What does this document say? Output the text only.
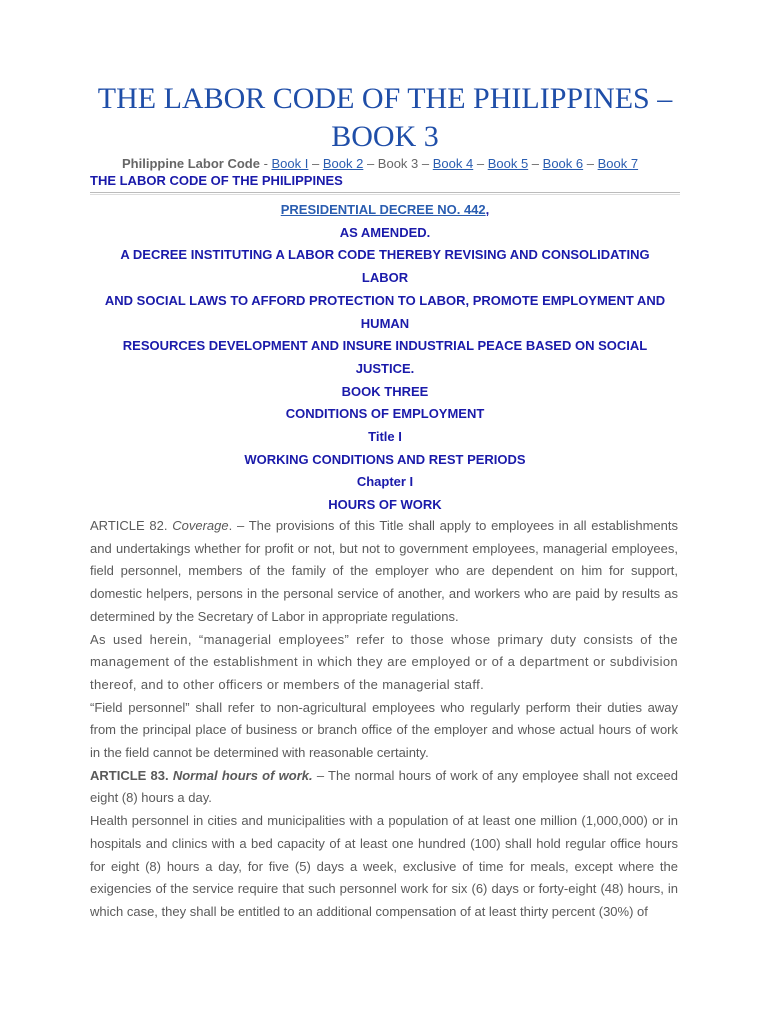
THE LABOR CODE OF THE PHILIPPINES – BOOK 3
Philippine Labor Code - Book I – Book 2 – Book 3 – Book 4 – Book 5 – Book 6 – Book 7
THE LABOR CODE OF THE PHILIPPINES
PRESIDENTIAL DECREE NO. 442,
AS AMENDED.
A DECREE INSTITUTING A LABOR CODE THEREBY REVISING AND CONSOLIDATING
LABOR
AND SOCIAL LAWS TO AFFORD PROTECTION TO LABOR, PROMOTE EMPLOYMENT AND
HUMAN
RESOURCES DEVELOPMENT AND INSURE INDUSTRIAL PEACE BASED ON SOCIAL
JUSTICE.
BOOK THREE
CONDITIONS OF EMPLOYMENT
Title I
WORKING CONDITIONS AND REST PERIODS
Chapter I
HOURS OF WORK

ARTICLE 82. Coverage. – The provisions of this Title shall apply to employees in all establishments and undertakings whether for profit or not, but not to government employees, managerial employees, field personnel, members of the family of the employer who are dependent on him for support, domestic helpers, persons in the personal service of another, and workers who are paid by results as determined by the Secretary of Labor in appropriate regulations.

As used herein, “managerial employees” refer to those whose primary duty consists of the management of the establishment in which they are employed or of a department or subdivision thereof, and to other officers or members of the managerial staff.

“Field personnel” shall refer to non-agricultural employees who regularly perform their duties away from the principal place of business or branch office of the employer and whose actual hours of work in the field cannot be determined with reasonable certainty.

ARTICLE 83. Normal hours of work. – The normal hours of work of any employee shall not exceed eight (8) hours a day.

Health personnel in cities and municipalities with a population of at least one million (1,000,000) or in hospitals and clinics with a bed capacity of at least one hundred (100) shall hold regular office hours for eight (8) hours a day, for five (5) days a week, exclusive of time for meals, except where the exigencies of the service require that such personnel work for six (6) days or forty-eight (48) hours, in which case, they shall be entitled to an additional compensation of at least thirty percent (30%) of
